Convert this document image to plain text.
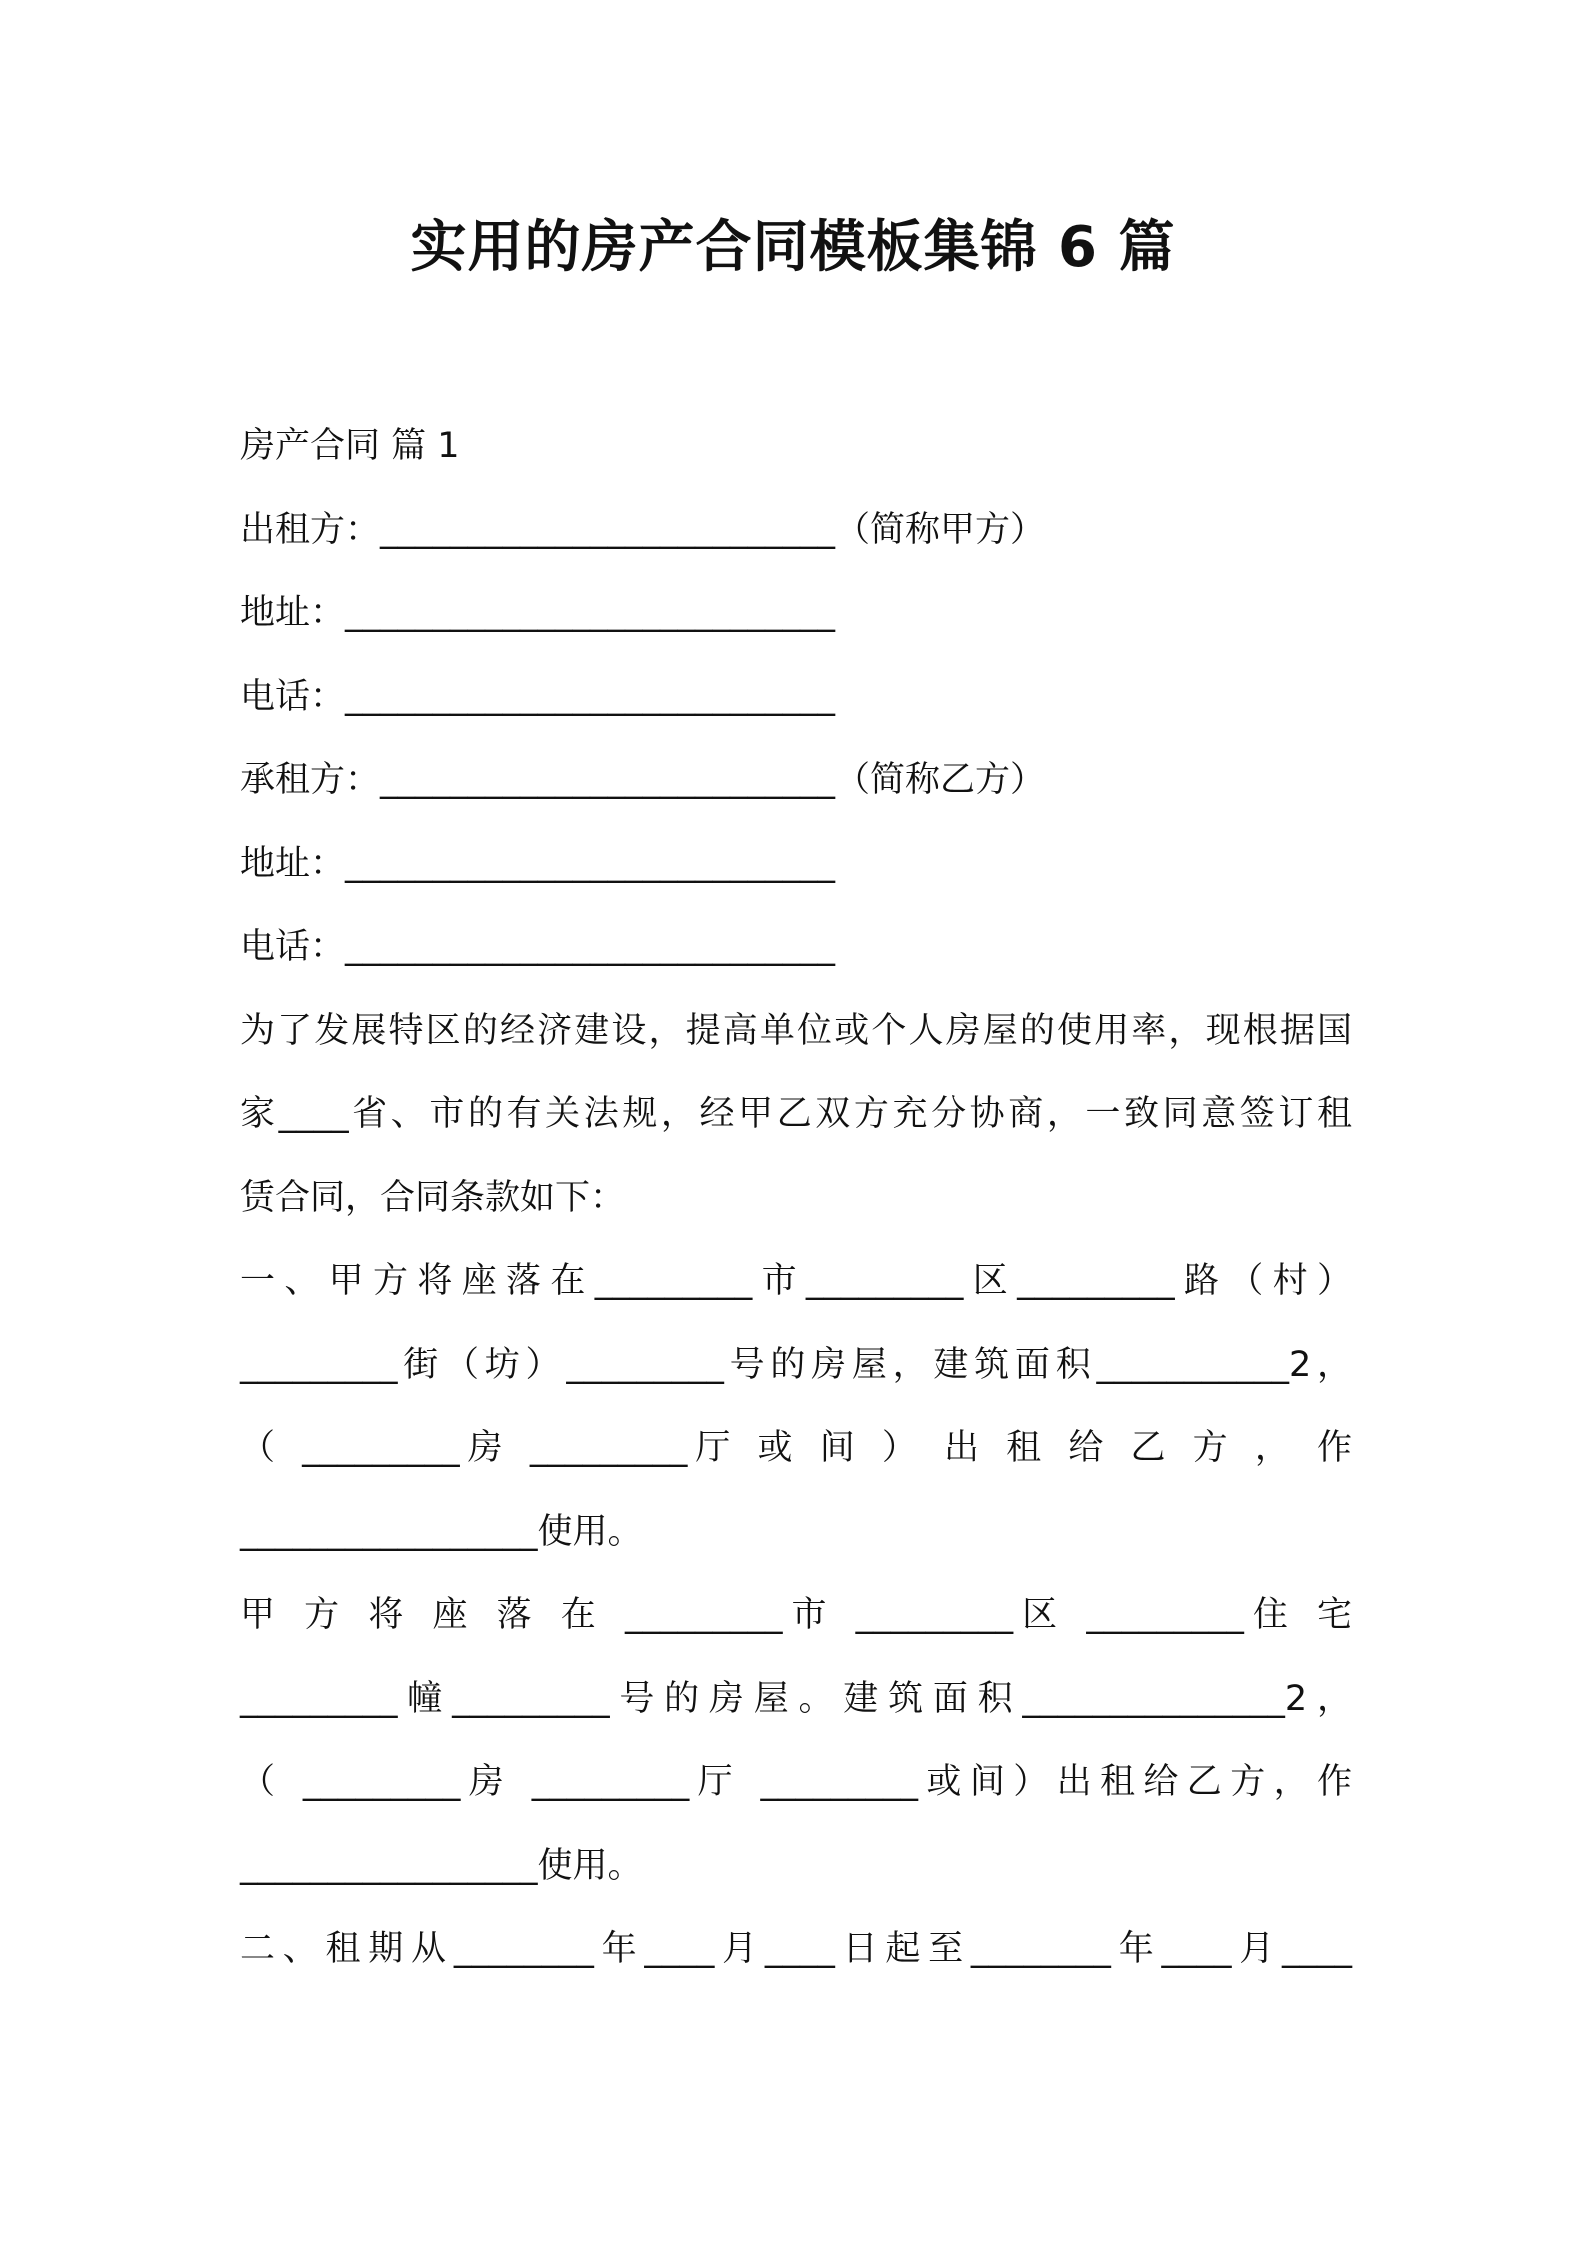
实用的房产合同模板集锦 6 篇
房产合同 篇 1
出租方：__________________________（简称甲方）
地址：____________________________
电话：____________________________
承租方：__________________________（简称乙方）
地址：____________________________
电话：____________________________
为了发展特区的经济建设，提高单位或个人房屋的使用率，现根据国
家____省、市的有关法规，经甲乙双方充分协商，一致同意签订租
赁合同，合同条款如下：
一、甲方将座落在_________市_________区_________路（村）
_________街（坊）_________号的房屋，建筑面积___________2，
（ _________房 _________厅 或 间 ） 出 租 给 乙 方 ， 作
_________________使用。
甲 方 将 座 落 在 _________市 _________区 _________住 宅
_________幢_________号的房屋。建筑面积_______________2，
（ _________房 _________厅 _________或间）出租给乙方，作
_________________使用。
二、租期从________年____月____日起至________年____月____
